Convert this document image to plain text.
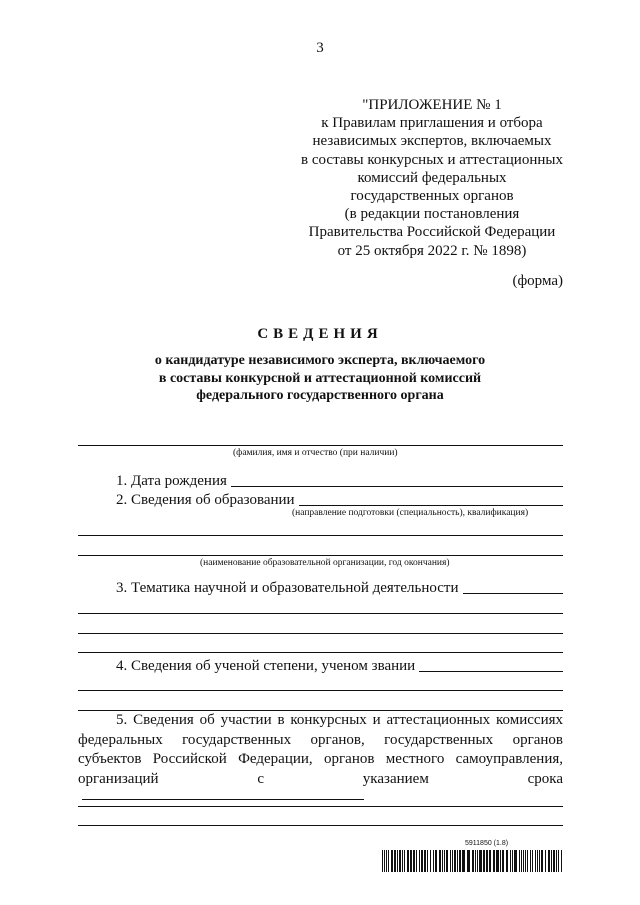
3
"ПРИЛОЖЕНИЕ № 1
к Правилам приглашения и отбора
независимых экспертов, включаемых
в составы конкурсных и аттестационных
комиссий федеральных
государственных органов
(в редакции постановления
Правительства Российской Федерации
от 25 октября 2022 г. № 1898)
(форма)
СВЕДЕНИЯ
о кандидатуре независимого эксперта, включаемого
в составы конкурсной и аттестационной комиссий
федерального государственного органа
(фамилия, имя и отчество (при наличии)
1. Дата рождения
2. Сведения об образовании
(направление подготовки (специальность), квалификация)
(наименование образовательной организации, год окончания)
3. Тематика научной и образовательной деятельности
4. Сведения об ученой степени, ученом звании
5. Сведения об участии в конкурсных и аттестационных комиссиях федеральных государственных органов, государственных органов субъектов Российской Федерации, органов местного самоуправления, организаций с указанием срока
5911850 (1.8)
